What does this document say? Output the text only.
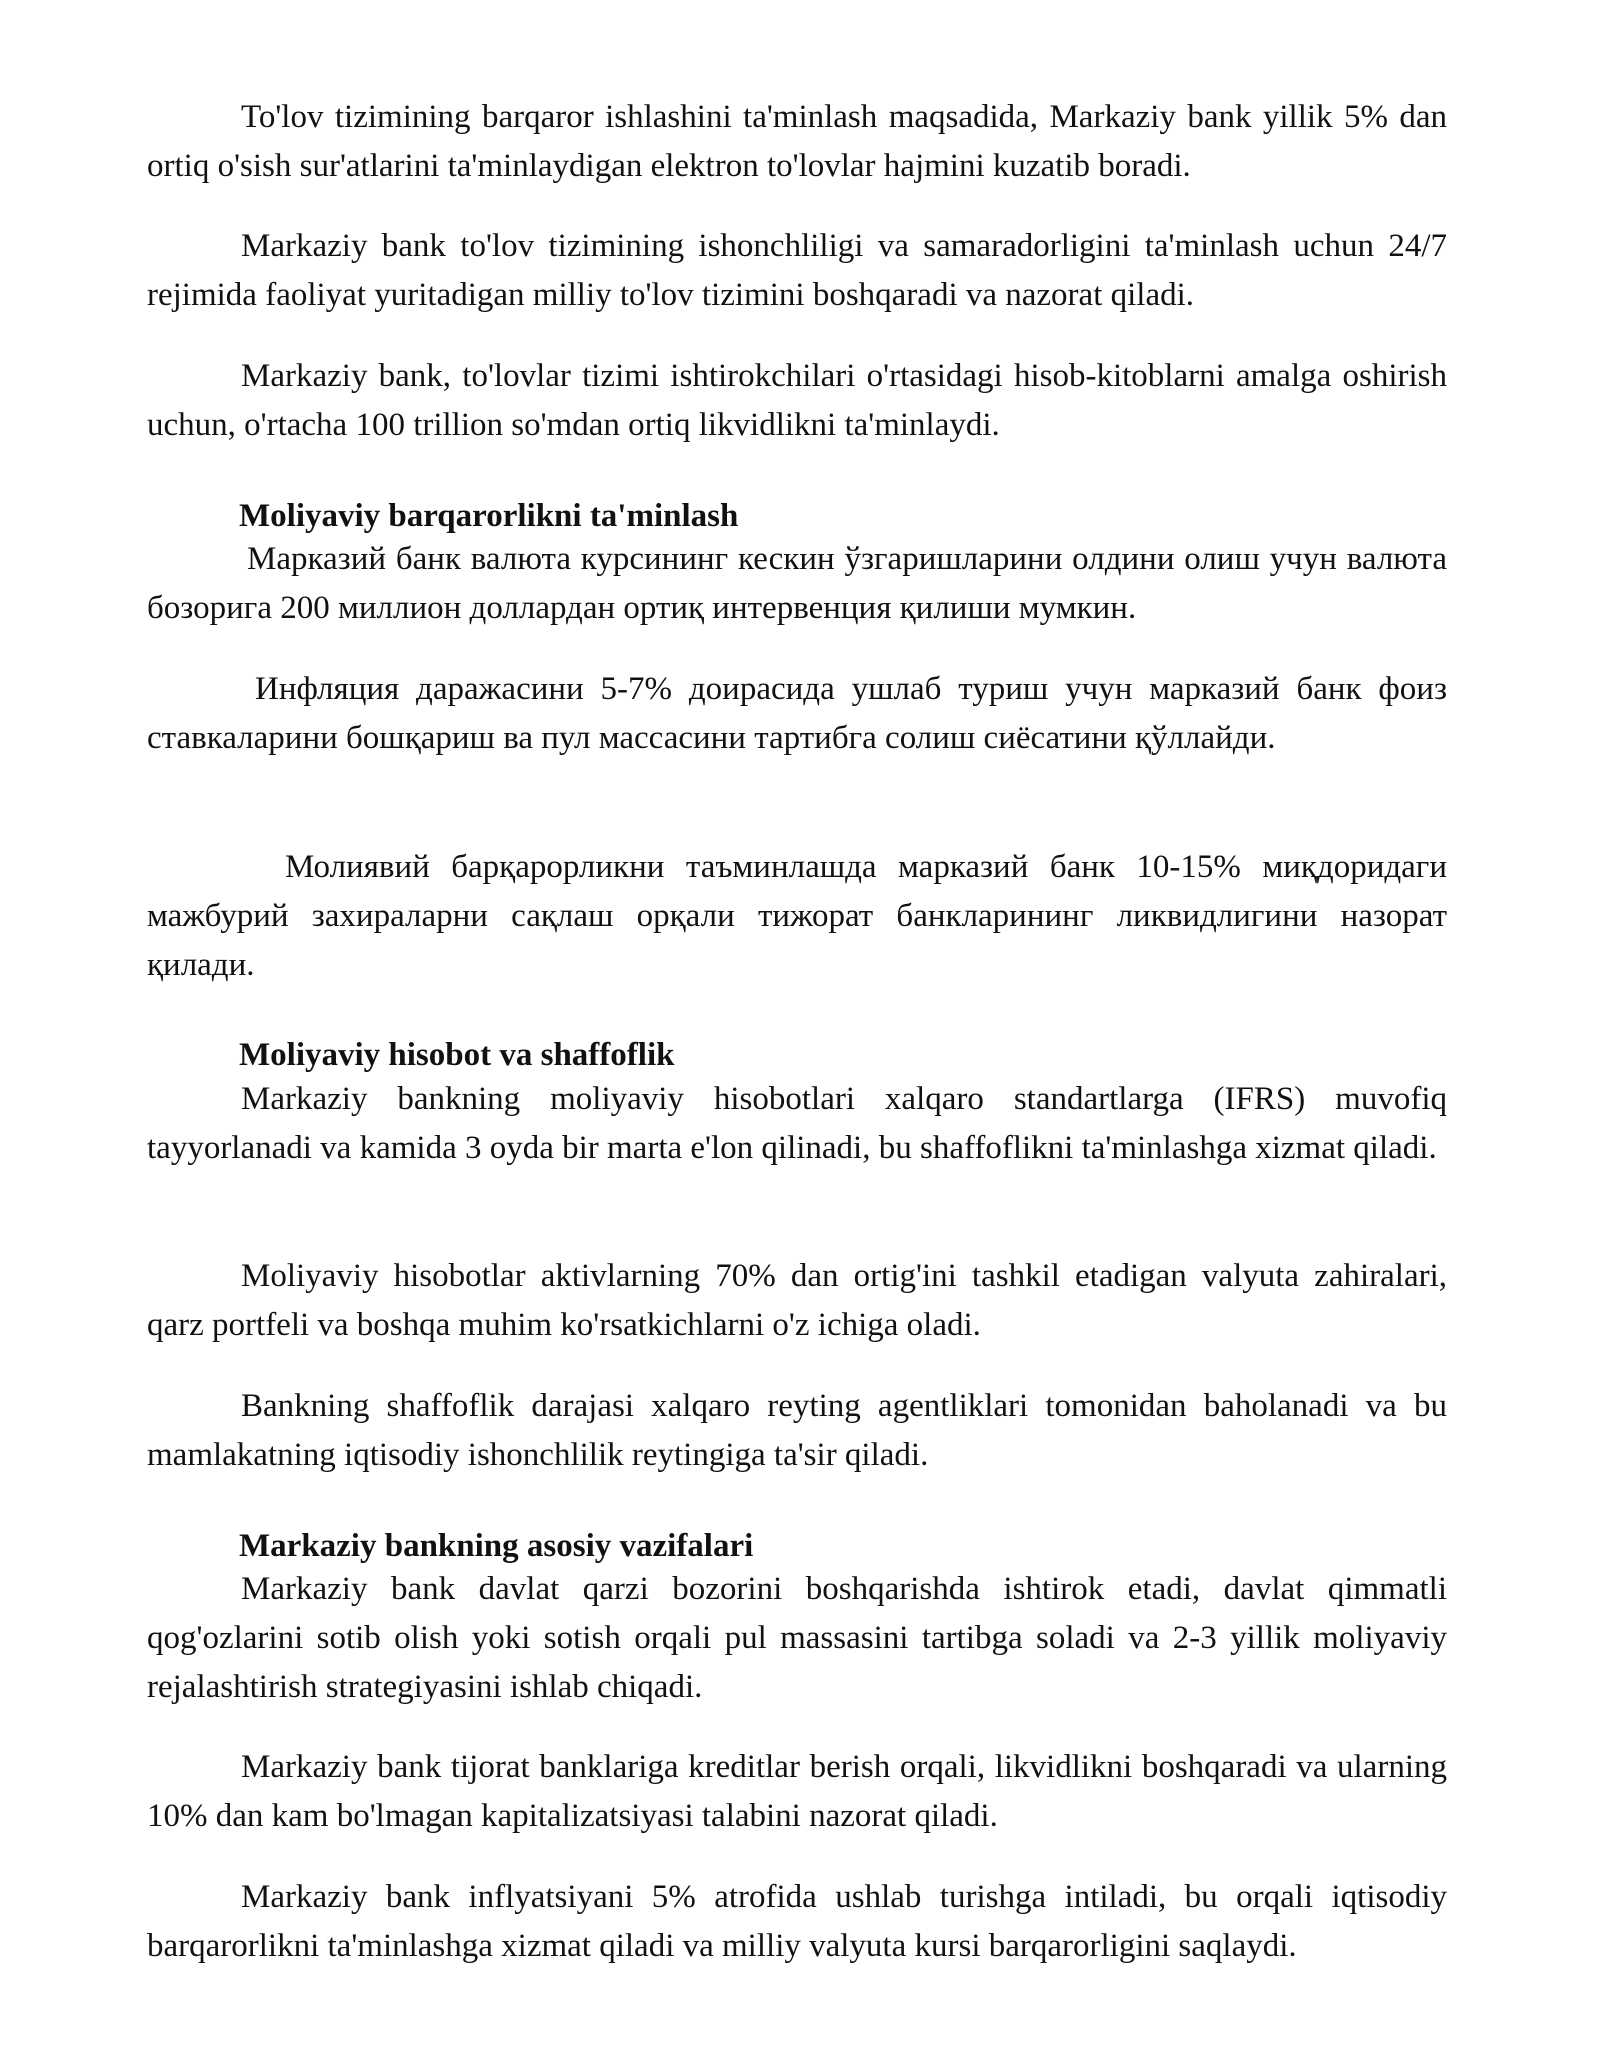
To'lov tizimining barqaror ishlashini ta'minlash maqsadida, Markaziy bank yillik 5% dan ortiq o'sish sur'atlarini ta'minlaydigan elektron to'lovlar hajmini kuzatib boradi.

Markaziy bank to'lov tizimining ishonchliligi va samaradorligini ta'minlash uchun 24/7 rejimida faoliyat yuritadigan milliy to'lov tizimini boshqaradi va nazorat qiladi.

Markaziy bank, to'lovlar tizimi ishtirokchilari o'rtasidagi hisob-kitoblarni amalga oshirish uchun, o'rtacha 100 trillion so'mdan ortiq likvidlikni ta'minlaydi.

Moliyaviy barqarorlikni ta'minlash

Марказий банк валюта курсининг кескин ўзгаришларини олдини олиш учун валюта бозорига 200 миллион доллардан ортиқ интервенция қилиши мумкин.

Инфляция даражасини 5-7% доирасида ушлаб туриш учун марказий банк фоиз ставкаларини бошқариш ва пул массасини тартибга солиш сиёсатини қўллайди.

Молиявий барқарорликни таъминлашда марказий банк 10-15% миқдоридаги мажбурий захираларни сақлаш орқали тижорат банкларининг ликвидлигини назорат қилади.

Moliyaviy hisobot va shaffoflik

Markaziy bankning moliyaviy hisobotlari xalqaro standartlarga (IFRS) muvofiq tayyorlanadi va kamida 3 oyda bir marta e'lon qilinadi, bu shaffoflikni ta'minlashga xizmat qiladi.

Moliyaviy hisobotlar aktivlarning 70% dan ortig'ini tashkil etadigan valyuta zahiralari, qarz portfeli va boshqa muhim ko'rsatkichlarni o'z ichiga oladi.

Bankning shaffoflik darajasi xalqaro reyting agentliklari tomonidan baholanadi va bu mamlakatning iqtisodiy ishonchlilik reytingiga ta'sir qiladi.

Markaziy bankning asosiy vazifalari

Markaziy bank davlat qarzi bozorini boshqarishda ishtirok etadi, davlat qimmatli qog'ozlarini sotib olish yoki sotish orqali pul massasini tartibga soladi va 2-3 yillik moliyaviy rejalashtirish strategiyasini ishlab chiqadi.

Markaziy bank tijorat banklariga kreditlar berish orqali, likvidlikni boshqaradi va ularning 10% dan kam bo'lmagan kapitalizatsiyasi talabini nazorat qiladi.

Markaziy bank inflyatsiyani 5% atrofida ushlab turishga intiladi, bu orqali iqtisodiy barqarorlikni ta'minlashga xizmat qiladi va milliy valyuta kursi barqarorligini saqlaydi.
